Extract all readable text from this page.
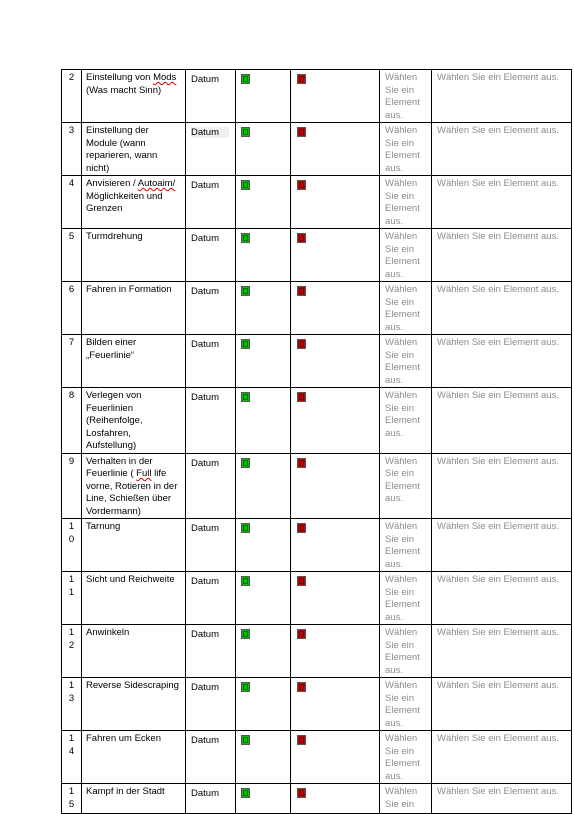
2	Einstellung von Mods (Was macht Sinn)	Datum			Wählen Sie ein Element aus.	Wählen Sie ein Element aus.

3	Einstellung der Module (wann reparieren, wann nicht)	Datum			Wählen Sie ein Element aus.	Wählen Sie ein Element aus.

4	Anvisieren / Autoaim/ Möglichkeiten und Grenzen	Datum			Wählen Sie ein Element aus.	Wählen Sie ein Element aus.

5	Turmdrehung	Datum			Wählen Sie ein Element aus.	Wählen Sie ein Element aus.

6	Fahren in Formation	Datum			Wählen Sie ein Element aus.	Wählen Sie ein Element aus.

7	Bilden einer „Feuerlinie“	Datum			Wählen Sie ein Element aus.	Wählen Sie ein Element aus.

8	Verlegen von Feuerlinien (Reihenfolge, Losfahren, Aufstellung)	Datum			Wählen Sie ein Element aus.	Wählen Sie ein Element aus.

9	Verhalten in der Feuerlinie ( Full life vorne, Rotieren in der Line, Schießen über Vordermann)	Datum			Wählen Sie ein Element aus.	Wählen Sie ein Element aus.

10	Tarnung	Datum			Wählen Sie ein Element aus.	Wählen Sie ein Element aus.

11	Sicht und Reichweite	Datum			Wählen Sie ein Element aus.	Wählen Sie ein Element aus.

12	Anwinkeln	Datum			Wählen Sie ein Element aus.	Wählen Sie ein Element aus.

13	Reverse Sidescraping	Datum			Wählen Sie ein Element aus.	Wählen Sie ein Element aus.

14	Fahren um Ecken	Datum			Wählen Sie ein Element aus.	Wählen Sie ein Element aus.

15	Kampf in der Stadt	Datum			Wählen Sie ein	Wählen Sie ein Element aus.
